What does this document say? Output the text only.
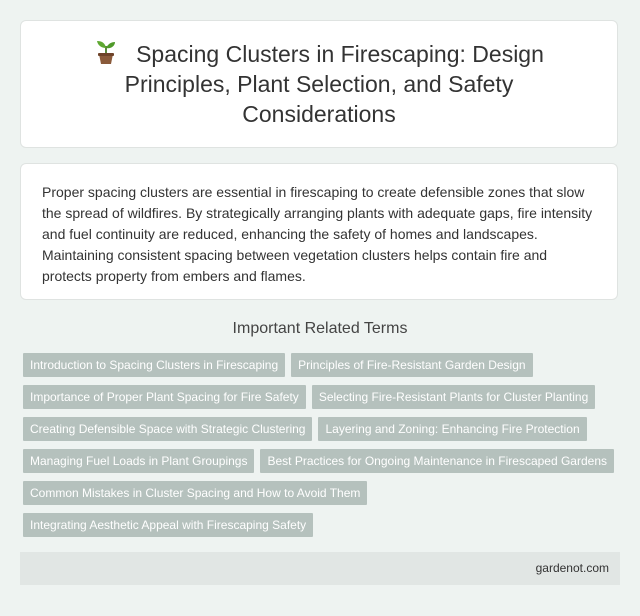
Spacing Clusters in Firescaping: Design Principles, Plant Selection, and Safety Considerations

Proper spacing clusters are essential in firescaping to create defensible zones that slow the spread of wildfires. By strategically arranging plants with adequate gaps, fire intensity and fuel continuity are reduced, enhancing the safety of homes and landscapes. Maintaining consistent spacing between vegetation clusters helps contain fire and protects property from embers and flames.

Important Related Terms
Introduction to Spacing Clusters in Firescaping Principles of Fire-Resistant Garden Design
Importance of Proper Plant Spacing for Fire Safety Selecting Fire-Resistant Plants for Cluster Planting
Creating Defensible Space with Strategic Clustering Layering and Zoning: Enhancing Fire Protection
Managing Fuel Loads in Plant Groupings Best Practices for Ongoing Maintenance in Firescaped Gardens
Common Mistakes in Cluster Spacing and How to Avoid Them
Integrating Aesthetic Appeal with Firescaping Safety
gardenot.com
